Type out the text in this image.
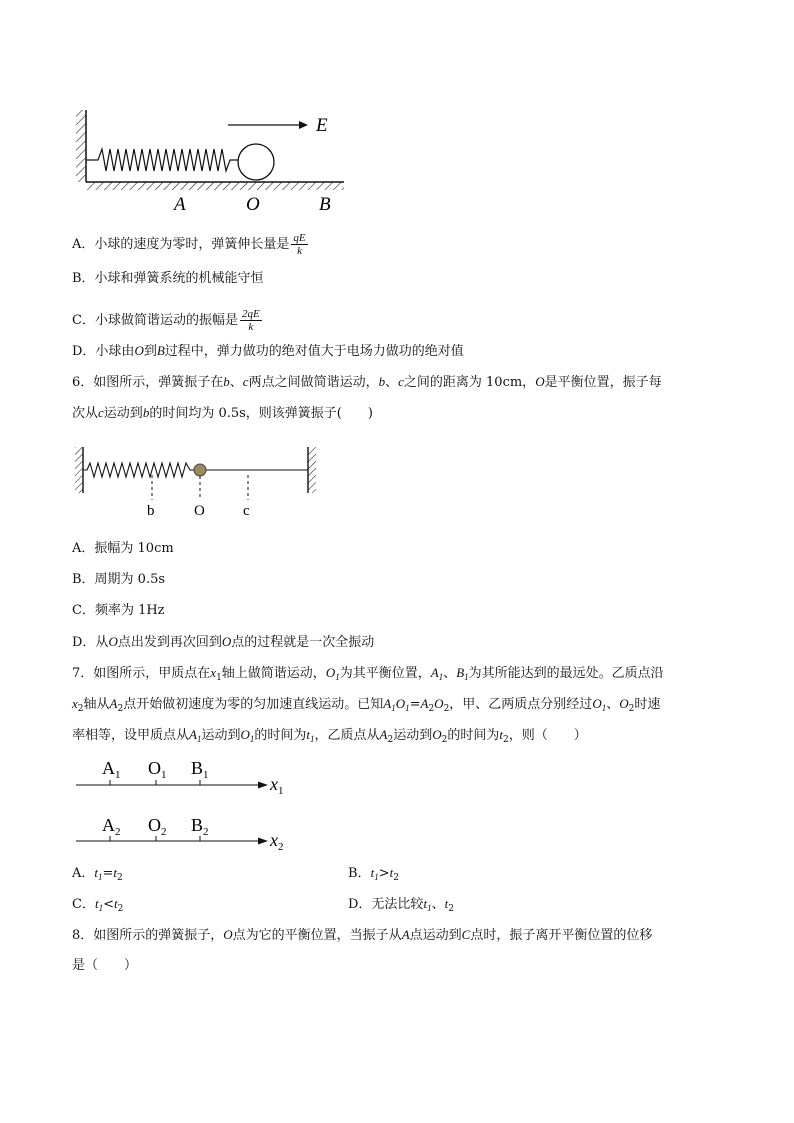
E
A	O	B
A．小球的速度为零时，弹簧伸长量是 $\frac{qE}{k}$
B．小球和弹簧系统的机械能守恒
C．小球做简谐运动的振幅是 $\frac{2qE}{k}$
D．小球由O到B过程中，弹力做功的绝对值大于电场力做功的绝对值
6．如图所示，弹簧振子在b、c两点之间做简谐运动，b、c之间的距离为 10cm，O是平衡位置，振子每
次从c运动到b的时间均为 0.5s，则该弹簧振子(　　)
b	O	c
A．振幅为 10cm
B．周期为 0.5s
C．频率为 1Hz
D．从O点出发到再次回到O点的过程就是一次全振动
7．如图所示，甲质点在$x_1$轴上做简谐运动，$O_1$为其平衡位置，$A_1$、$B_1$为其所能达到的最远处。乙质点沿
$x_2$轴从$A_2$点开始做初速度为零的匀加速直线运动。已知$A_1O_1=A_2O_2$，甲、乙两质点分别经过$O_1$、$O_2$时速
率相等，设甲质点从$A_1$运动到$O_1$的时间为$t_1$，乙质点从$A_2$运动到$O_2$的时间为$t_2$，则（　　）
$A_1$ $O_1$ $B_1$	$x_1$
$A_2$ $O_2$ $B_2$	$x_2$
A．$t_1=t_2$	B．$t_1>t_2$
C．$t_1<t_2$	D．无法比较$t_1$、$t_2$
8．如图所示的弹簧振子，O点为它的平衡位置，当振子从A点运动到C点时，振子离开平衡位置的位移
是（　　）
